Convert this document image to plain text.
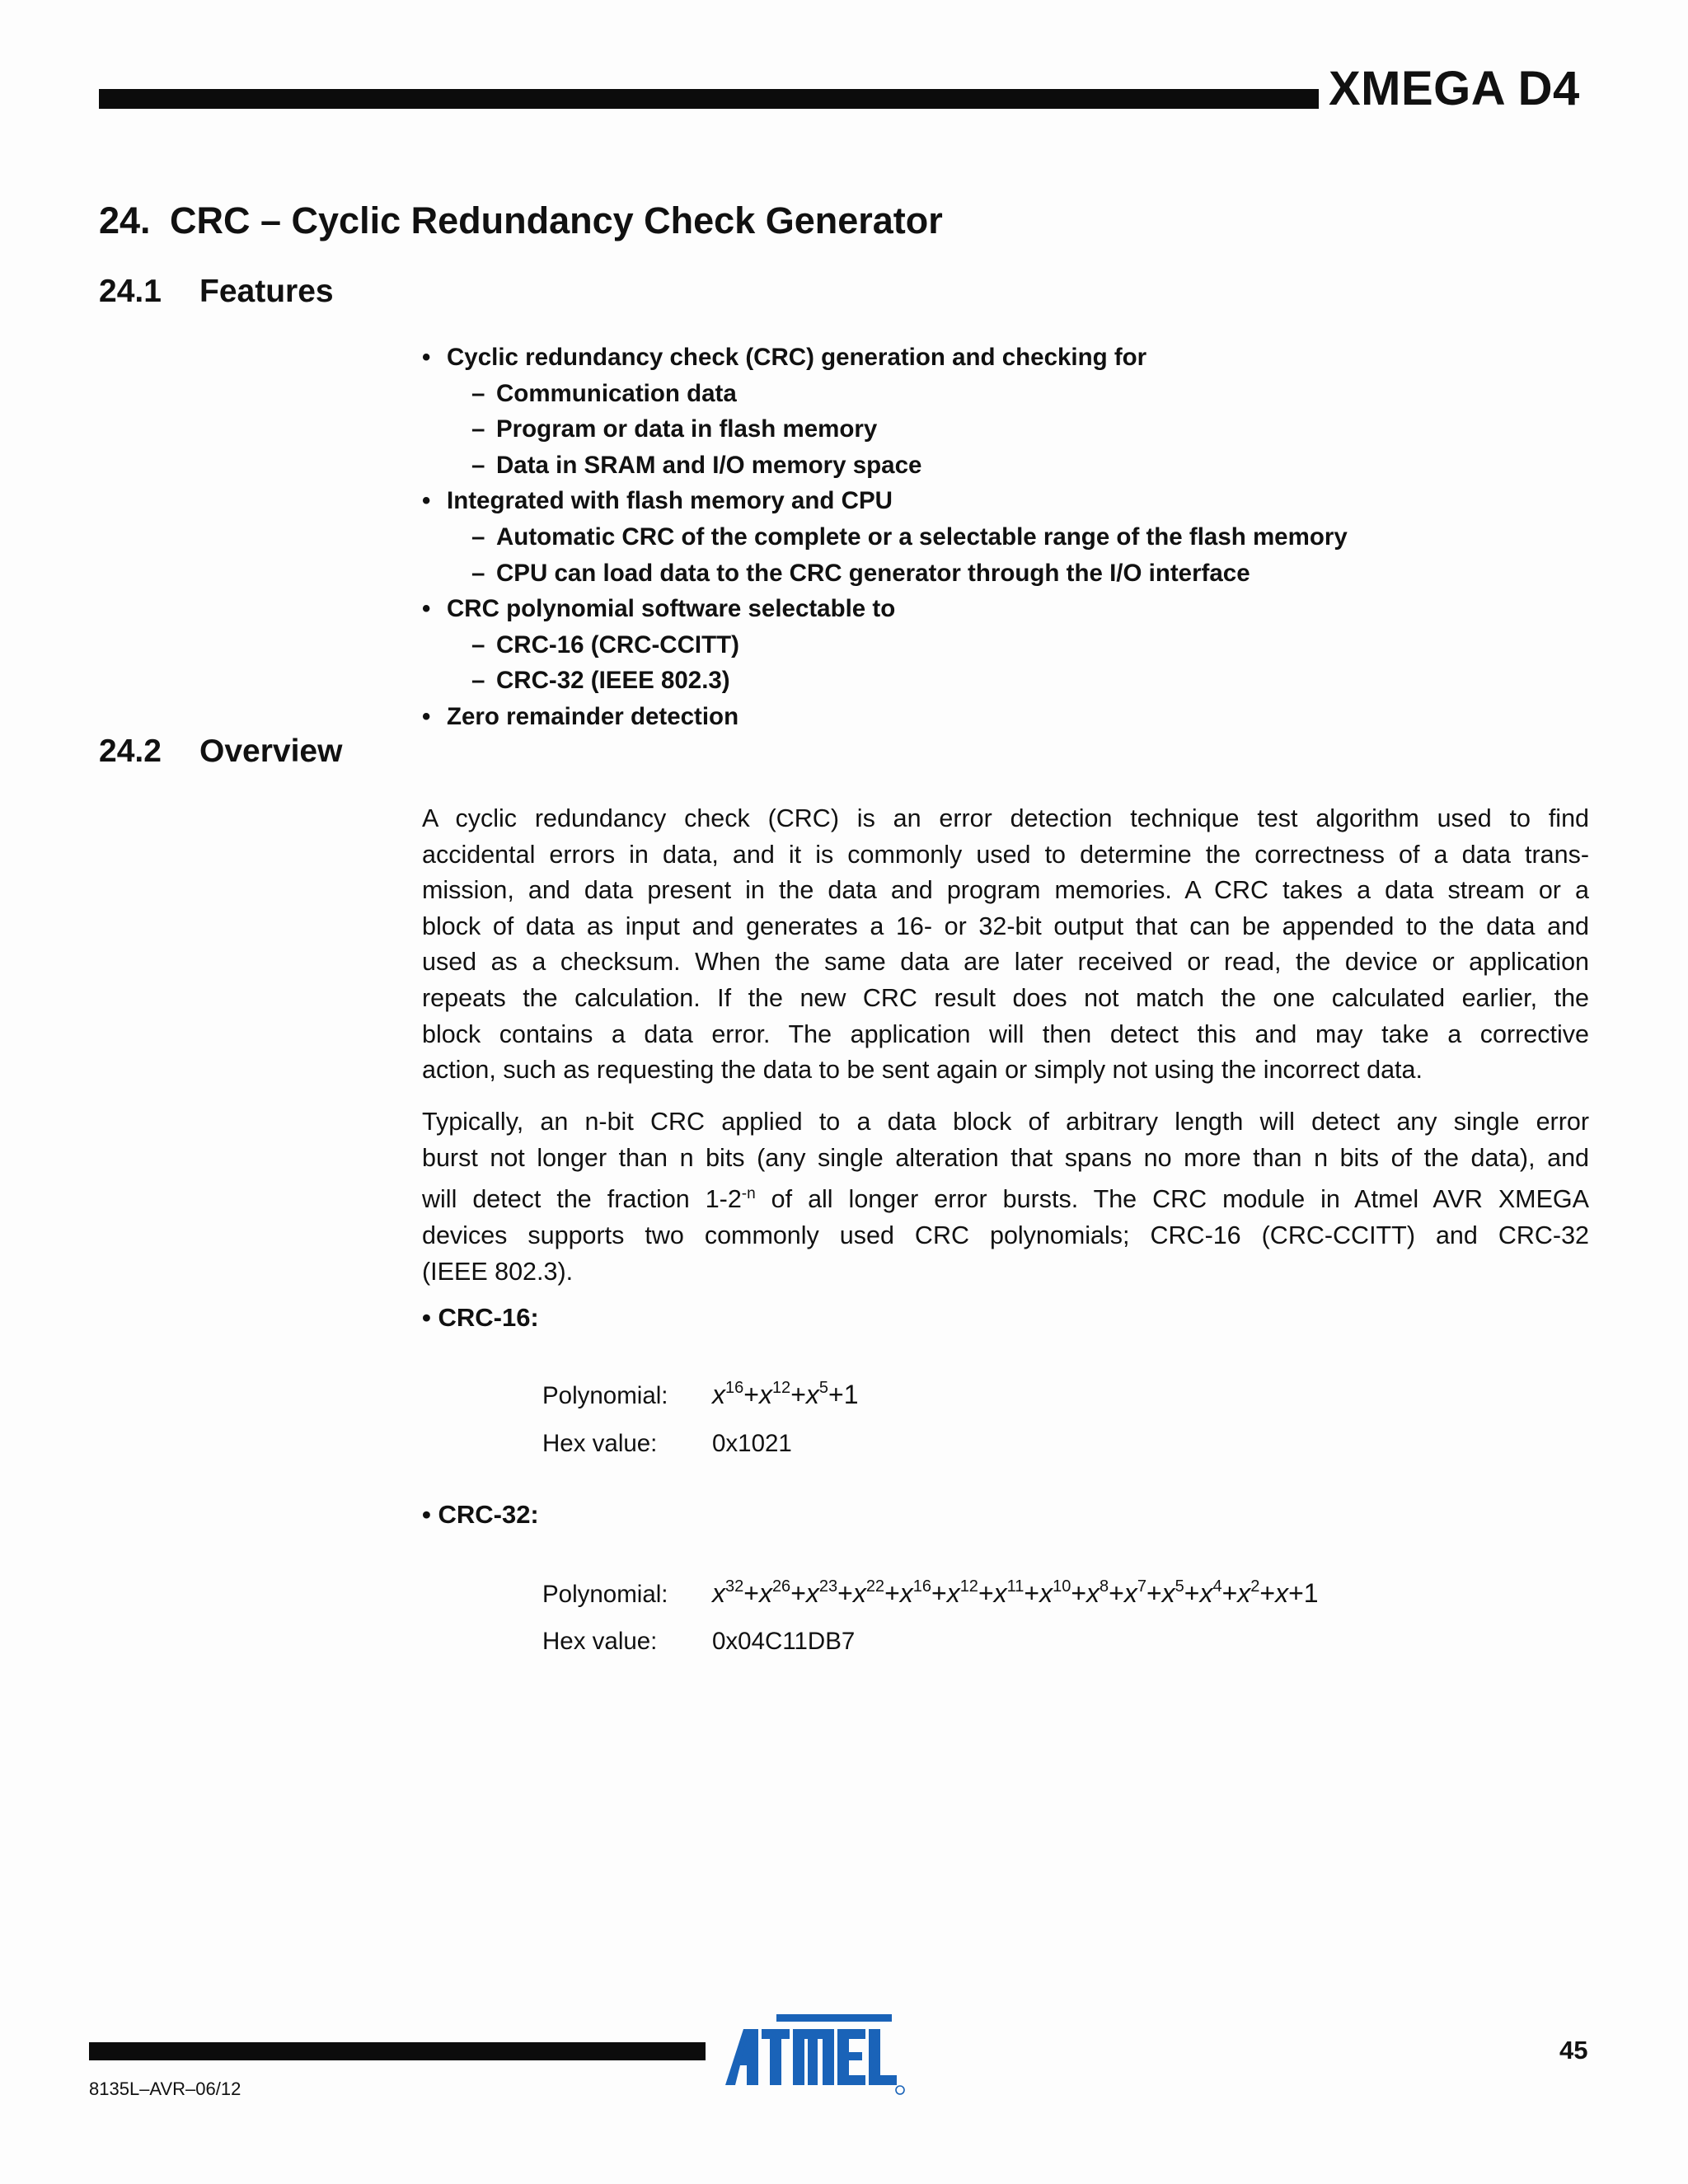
XMEGA D4
24. CRC – Cyclic Redundancy Check Generator
24.1 Features
• Cyclic redundancy check (CRC) generation and checking for
– Communication data
– Program or data in flash memory
– Data in SRAM and I/O memory space
• Integrated with flash memory and CPU
– Automatic CRC of the complete or a selectable range of the flash memory
– CPU can load data to the CRC generator through the I/O interface
• CRC polynomial software selectable to
– CRC-16 (CRC-CCITT)
– CRC-32 (IEEE 802.3)
• Zero remainder detection
24.2 Overview
A cyclic redundancy check (CRC) is an error detection technique test algorithm used to find
accidental errors in data, and it is commonly used to determine the correctness of a data trans-
mission, and data present in the data and program memories. A CRC takes a data stream or a
block of data as input and generates a 16- or 32-bit output that can be appended to the data and
used as a checksum. When the same data are later received or read, the device or application
repeats the calculation. If the new CRC result does not match the one calculated earlier, the
block contains a data error. The application will then detect this and may take a corrective
action, such as requesting the data to be sent again or simply not using the incorrect data.
Typically, an n-bit CRC applied to a data block of arbitrary length will detect any single error
burst not longer than n bits (any single alteration that spans no more than n bits of the data), and
will detect the fraction $1-2^{-n}$ of all longer error bursts. The CRC module in Atmel AVR XMEGA
devices supports two commonly used CRC polynomials; CRC-16 (CRC-CCITT) and CRC-32
(IEEE 802.3).
• CRC-16:
Polynomial: $x^{16}+x^{12}+x^5+1$
Hex value: 0x1021
• CRC-32:
Polynomial: $x^{32}+x^{26}+x^{23}+x^{22}+x^{16}+x^{12}+x^{11}+x^{10}+x^8+x^7+x^5+x^4+x^2+x+1$
Hex value: 0x04C11DB7
8135L–AVR–06/12
45
